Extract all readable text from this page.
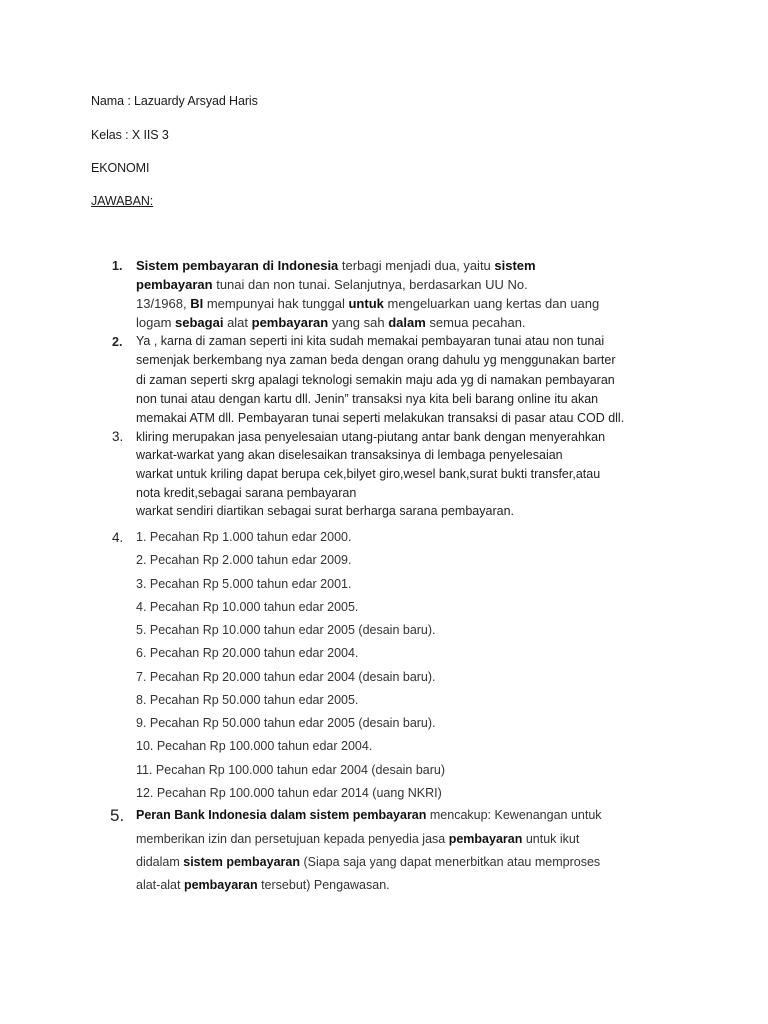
Nama : Lazuardy Arsyad Haris
Kelas : X IIS 3
EKONOMI
JAWABAN:
1. Sistem pembayaran di Indonesia terbagi menjadi dua, yaitu sistem
pembayaran tunai dan non tunai. Selanjutnya, berdasarkan UU No.
13/1968, BI mempunyai hak tunggal untuk mengeluarkan uang kertas dan uang
logam sebagai alat pembayaran yang sah dalam semua pecahan.
2. Ya , karna di zaman seperti ini kita sudah memakai pembayaran tunai atau non tunai
semenjak berkembang nya zaman beda dengan orang dahulu yg menggunakan barter
di zaman seperti skrg apalagi teknologi semakin maju ada yg di namakan pembayaran
non tunai atau dengan kartu dll. Jenin” transaksi nya kita beli barang online itu akan
memakai ATM dll. Pembayaran tunai seperti melakukan transaksi di pasar atau COD dll.
3. kliring merupakan jasa penyelesaian utang-piutang antar bank dengan menyerahkan
warkat-warkat yang akan diselesaikan transaksinya di lembaga penyelesaian
warkat untuk kriling dapat berupa cek,bilyet giro,wesel bank,surat bukti transfer,atau
nota kredit,sebagai sarana pembayaran
warkat sendiri diartikan sebagai surat berharga sarana pembayaran.
4. 1. Pecahan Rp 1.000 tahun edar 2000.
2. Pecahan Rp 2.000 tahun edar 2009.
3. Pecahan Rp 5.000 tahun edar 2001.
4. Pecahan Rp 10.000 tahun edar 2005.
5. Pecahan Rp 10.000 tahun edar 2005 (desain baru).
6. Pecahan Rp 20.000 tahun edar 2004.
7. Pecahan Rp 20.000 tahun edar 2004 (desain baru).
8. Pecahan Rp 50.000 tahun edar 2005.
9. Pecahan Rp 50.000 tahun edar 2005 (desain baru).
10. Pecahan Rp 100.000 tahun edar 2004.
11. Pecahan Rp 100.000 tahun edar 2004 (desain baru)
12. Pecahan Rp 100.000 tahun edar 2014 (uang NKRI)
5. Peran Bank Indonesia dalam sistem pembayaran mencakup: Kewenangan untuk
memberikan izin dan persetujuan kepada penyedia jasa pembayaran untuk ikut
didalam sistem pembayaran (Siapa saja yang dapat menerbitkan atau memproses
alat-alat pembayaran tersebut) Pengawasan.
